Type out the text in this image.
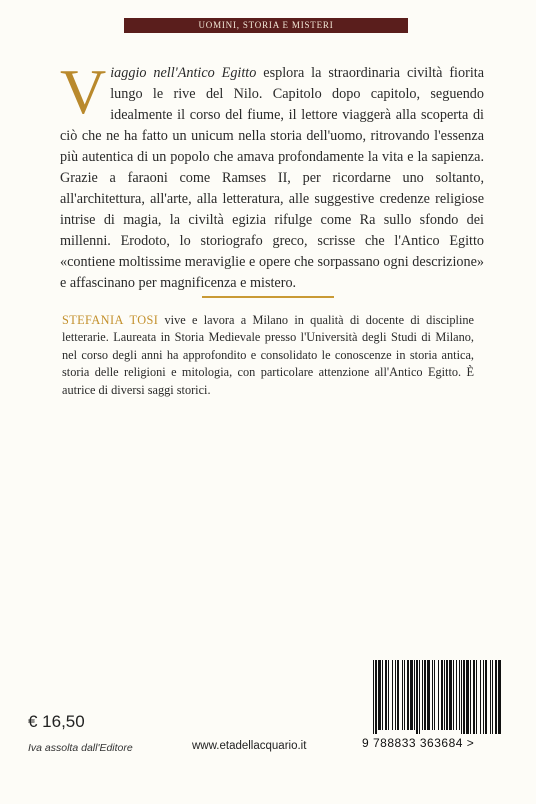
UOMINI, STORIA E MISTERI
Viaggio nell'Antico Egitto esplora la straordinaria civiltà fiorita lungo le rive del Nilo. Capitolo dopo capitolo, seguendo idealmente il corso del fiume, il lettore viaggerà alla scoperta di ciò che ne ha fatto un unicum nella storia dell'uomo, ritrovando l'essenza più autentica di un popolo che amava profondamente la vita e la sapienza. Grazie a faraoni come Ramses II, per ricordarne uno soltanto, all'architettura, all'arte, alla letteratura, alle suggestive credenze religiose intrise di magia, la civiltà egizia rifulge come Ra sullo sfondo dei millenni. Erodoto, lo storiografo greco, scrisse che l'Antico Egitto «contiene moltissime meraviglie e opere che sorpassano ogni descrizione» e affascinano per magnificenza e mistero.
STEFANIA TOSI vive e lavora a Milano in qualità di docente di discipline letterarie. Laureata in Storia Medievale presso l'Università degli Studi di Milano, nel corso degli anni ha approfondito e consolidato le conoscenze in storia antica, storia delle religioni e mitologia, con particolare attenzione all'Antico Egitto. È autrice di diversi saggi storici.
€ 16,50
Iva assolta dall'Editore	www.etadellacquario.it	9 788833 363684 >
